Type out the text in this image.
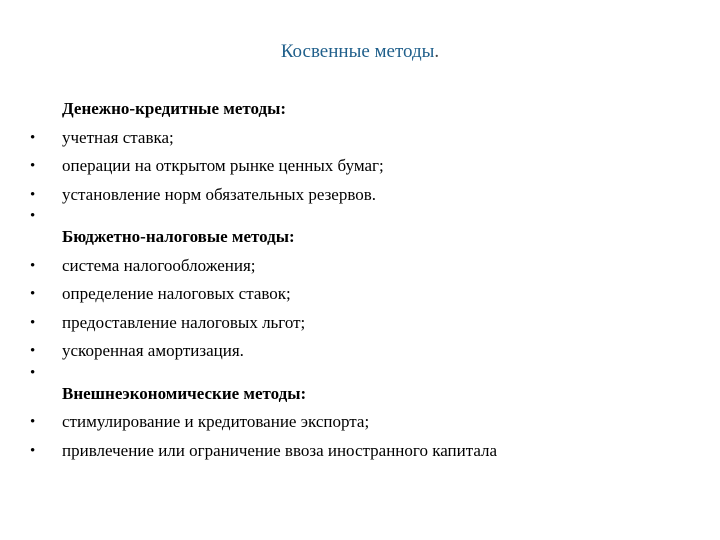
Косвенные методы.
Денежно-кредитные методы:
•	учетная ставка;
•	операции на открытом рынке ценных бумаг;
•	установление норм обязательных резервов.
•
Бюджетно-налоговые методы:
•	система налогообложения;
•	определение налоговых ставок;
•	предоставление налоговых льгот;
•	ускоренная амортизация.
•
Внешнеэкономические методы:
•	стимулирование и кредитование экспорта;
•	привлечение или ограничение ввоза иностранного капитала
